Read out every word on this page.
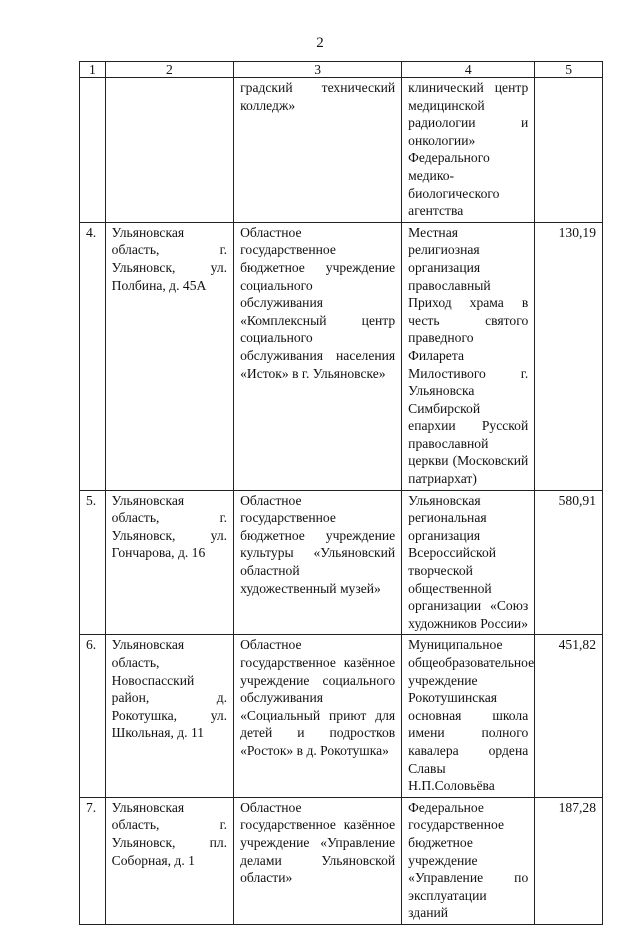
2
1	2	3	4	5
		градский технический колледж»	клинический центр медицинской радиологии и онкологии» Федерального медико-биологического агентства	
4.	Ульяновская область, г. Ульяновск, ул. Полбина, д. 45А	Областное государственное бюджетное учреждение социального обслуживания «Комплексный центр социального обслуживания населения «Исток» в г. Ульяновске»	Местная религиозная организация православный Приход храма в честь святого праведного Филарета Милостивого г. Ульяновска Симбирской епархии Русской православной церкви (Московский патриархат)	130,19
5.	Ульяновская область, г. Ульяновск, ул. Гончарова, д. 16	Областное государственное бюджетное учреждение культуры «Ульяновский областной художественный музей»	Ульяновская региональная организация Всероссийской творческой общественной организации «Союз художников России»	580,91
6.	Ульяновская область, Новоспасский район, д. Рокотушка, ул. Школьная, д. 11	Областное государственное казённое учреждение социального обслуживания «Социальный приют для детей и подростков «Росток» в д. Рокотушка»	Муниципальное общеобразовательное учреждение Рокотушинская основная школа имени полного кавалера ордена Славы Н.П.Соловьёва	451,82
7.	Ульяновская область, г. Ульяновск, пл. Соборная, д. 1	Областное государственное казённое учреждение «Управление делами Ульяновской области»	Федеральное государственное бюджетное учреждение «Управление по эксплуатации зданий	187,28
